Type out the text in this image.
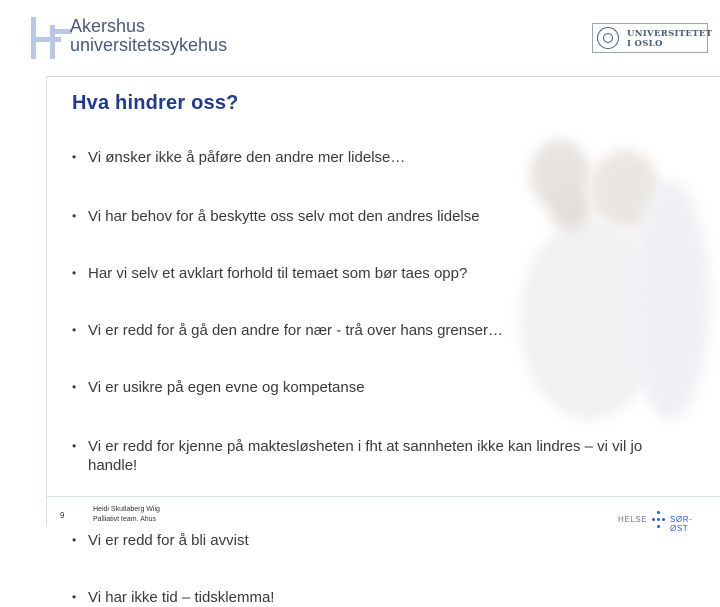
Akershus
universitetssykehus
UNIVERSITETET
I OSLO
Hva hindrer oss?
• Vi ønsker ikke å påføre den andre mer lidelse…
• Vi har behov for å beskytte oss selv mot den andres lidelse
• Har vi selv et avklart forhold til temaet som bør taes opp?
• Vi er redd for å gå den andre for nær - trå over hans grenser…
• Vi er usikre på egen evne og kompetanse
• Vi er redd for kjenne på maktesløsheten i fht at sannheten ikke kan lindres – vi vil jo handle!
• Vi er redd for å bli avvist
• Vi har ikke tid – tidsklemma!
9
Heidi Skutlaberg Wiig
Palliativt team. Ahus	HELSE	SØR-ØST
